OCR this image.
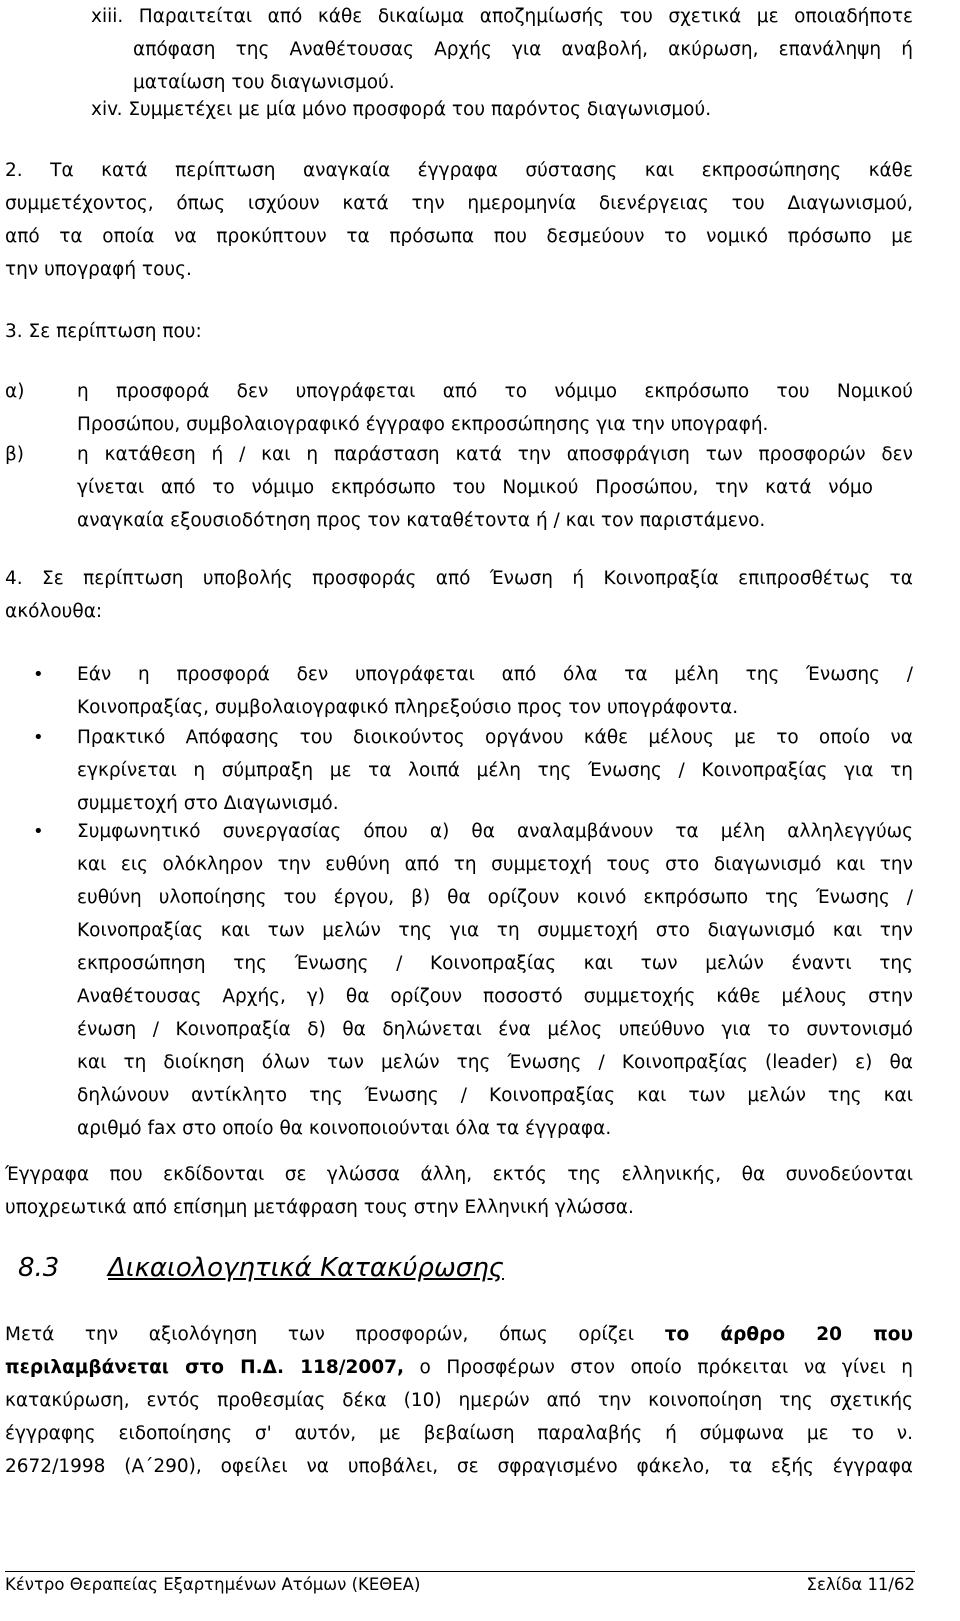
xiii. Παραιτείται από κάθε δικαίωμα αποζημίωσής του σχετικά με οποιαδήποτε
απόφαση της Αναθέτουσας Αρχής για αναβολή, ακύρωση, επανάληψη ή
ματαίωση του διαγωνισμού.
xiv. Συμμετέχει με μία μόνο προσφορά του παρόντος διαγωνισμού.
2. Τα κατά περίπτωση αναγκαία έγγραφα σύστασης και εκπροσώπησης κάθε
συμμετέχοντος, όπως ισχύουν κατά την ημερομηνία διενέργειας του Διαγωνισμού,
από τα οποία να προκύπτουν τα πρόσωπα που δεσμεύουν το νομικό πρόσωπο με
την υπογραφή τους.
3. Σε περίπτωση που:
α)	η προσφορά δεν υπογράφεται από το νόμιμο εκπρόσωπο του Νομικού
Προσώπου, συμβολαιογραφικό έγγραφο εκπροσώπησης για την υπογραφή.
β)	η κατάθεση ή / και η παράσταση κατά την αποσφράγιση των προσφορών δεν
γίνεται από το νόμιμο εκπρόσωπο του Νομικού Προσώπου, την κατά νόμο
αναγκαία εξουσιοδότηση προς τον καταθέτοντα ή / και τον παριστάμενο.
4. Σε περίπτωση υποβολής προσφοράς από Ένωση ή Κοινοπραξία επιπροσθέτως τα
ακόλουθα:
• Εάν η προσφορά δεν υπογράφεται από όλα τα μέλη της Ένωσης /
Κοινοπραξίας, συμβολαιογραφικό πληρεξούσιο προς τον υπογράφοντα.
• Πρακτικό Απόφασης του διοικούντος οργάνου κάθε μέλους με το οποίο να
εγκρίνεται η σύμπραξη με τα λοιπά μέλη της Ένωσης / Κοινοπραξίας για τη
συμμετοχή στο Διαγωνισμό.
• Συμφωνητικό συνεργασίας όπου α) θα αναλαμβάνουν τα μέλη αλληλεγγύως
και εις ολόκληρον την ευθύνη από τη συμμετοχή τους στο διαγωνισμό και την
ευθύνη υλοποίησης του έργου, β) θα ορίζουν κοινό εκπρόσωπο της Ένωσης /
Κοινοπραξίας και των μελών της για τη συμμετοχή στο διαγωνισμό και την
εκπροσώπηση της Ένωσης / Κοινοπραξίας και των μελών έναντι της
Αναθέτουσας Αρχής, γ) θα ορίζουν ποσοστό συμμετοχής κάθε μέλους στην
ένωση / Κοινοπραξία δ) θα δηλώνεται ένα μέλος υπεύθυνο για το συντονισμό
και τη διοίκηση όλων των μελών της Ένωσης / Κοινοπραξίας (leader) ε) θα
δηλώνουν αντίκλητο της Ένωσης / Κοινοπραξίας και των μελών της και
αριθμό fax στο οποίο θα κοινοποιούνται όλα τα έγγραφα.
Έγγραφα που εκδίδονται σε γλώσσα άλλη, εκτός της ελληνικής, θα συνοδεύονται
υποχρεωτικά από επίσημη μετάφραση τους στην Ελληνική γλώσσα.
8.3 Δικαιολογητικά Κατακύρωσης
Μετά την αξιολόγηση των προσφορών, όπως ορίζει το άρθρο 20 που
περιλαμβάνεται στο Π.Δ. 118/2007, ο Προσφέρων στον οποίο πρόκειται να γίνει η
κατακύρωση, εντός προθεσμίας δέκα (10) ημερών από την κοινοποίηση της σχετικής
έγγραφης ειδοποίησης σ' αυτόν, με βεβαίωση παραλαβής ή σύμφωνα με το ν.
2672/1998 (Α΄290), οφείλει να υποβάλει, σε σφραγισμένο φάκελο, τα εξής έγγραφα
Κέντρο Θεραπείας Εξαρτημένων Ατόμων (ΚΕΘΕΑ)	Σελίδα 11/62
